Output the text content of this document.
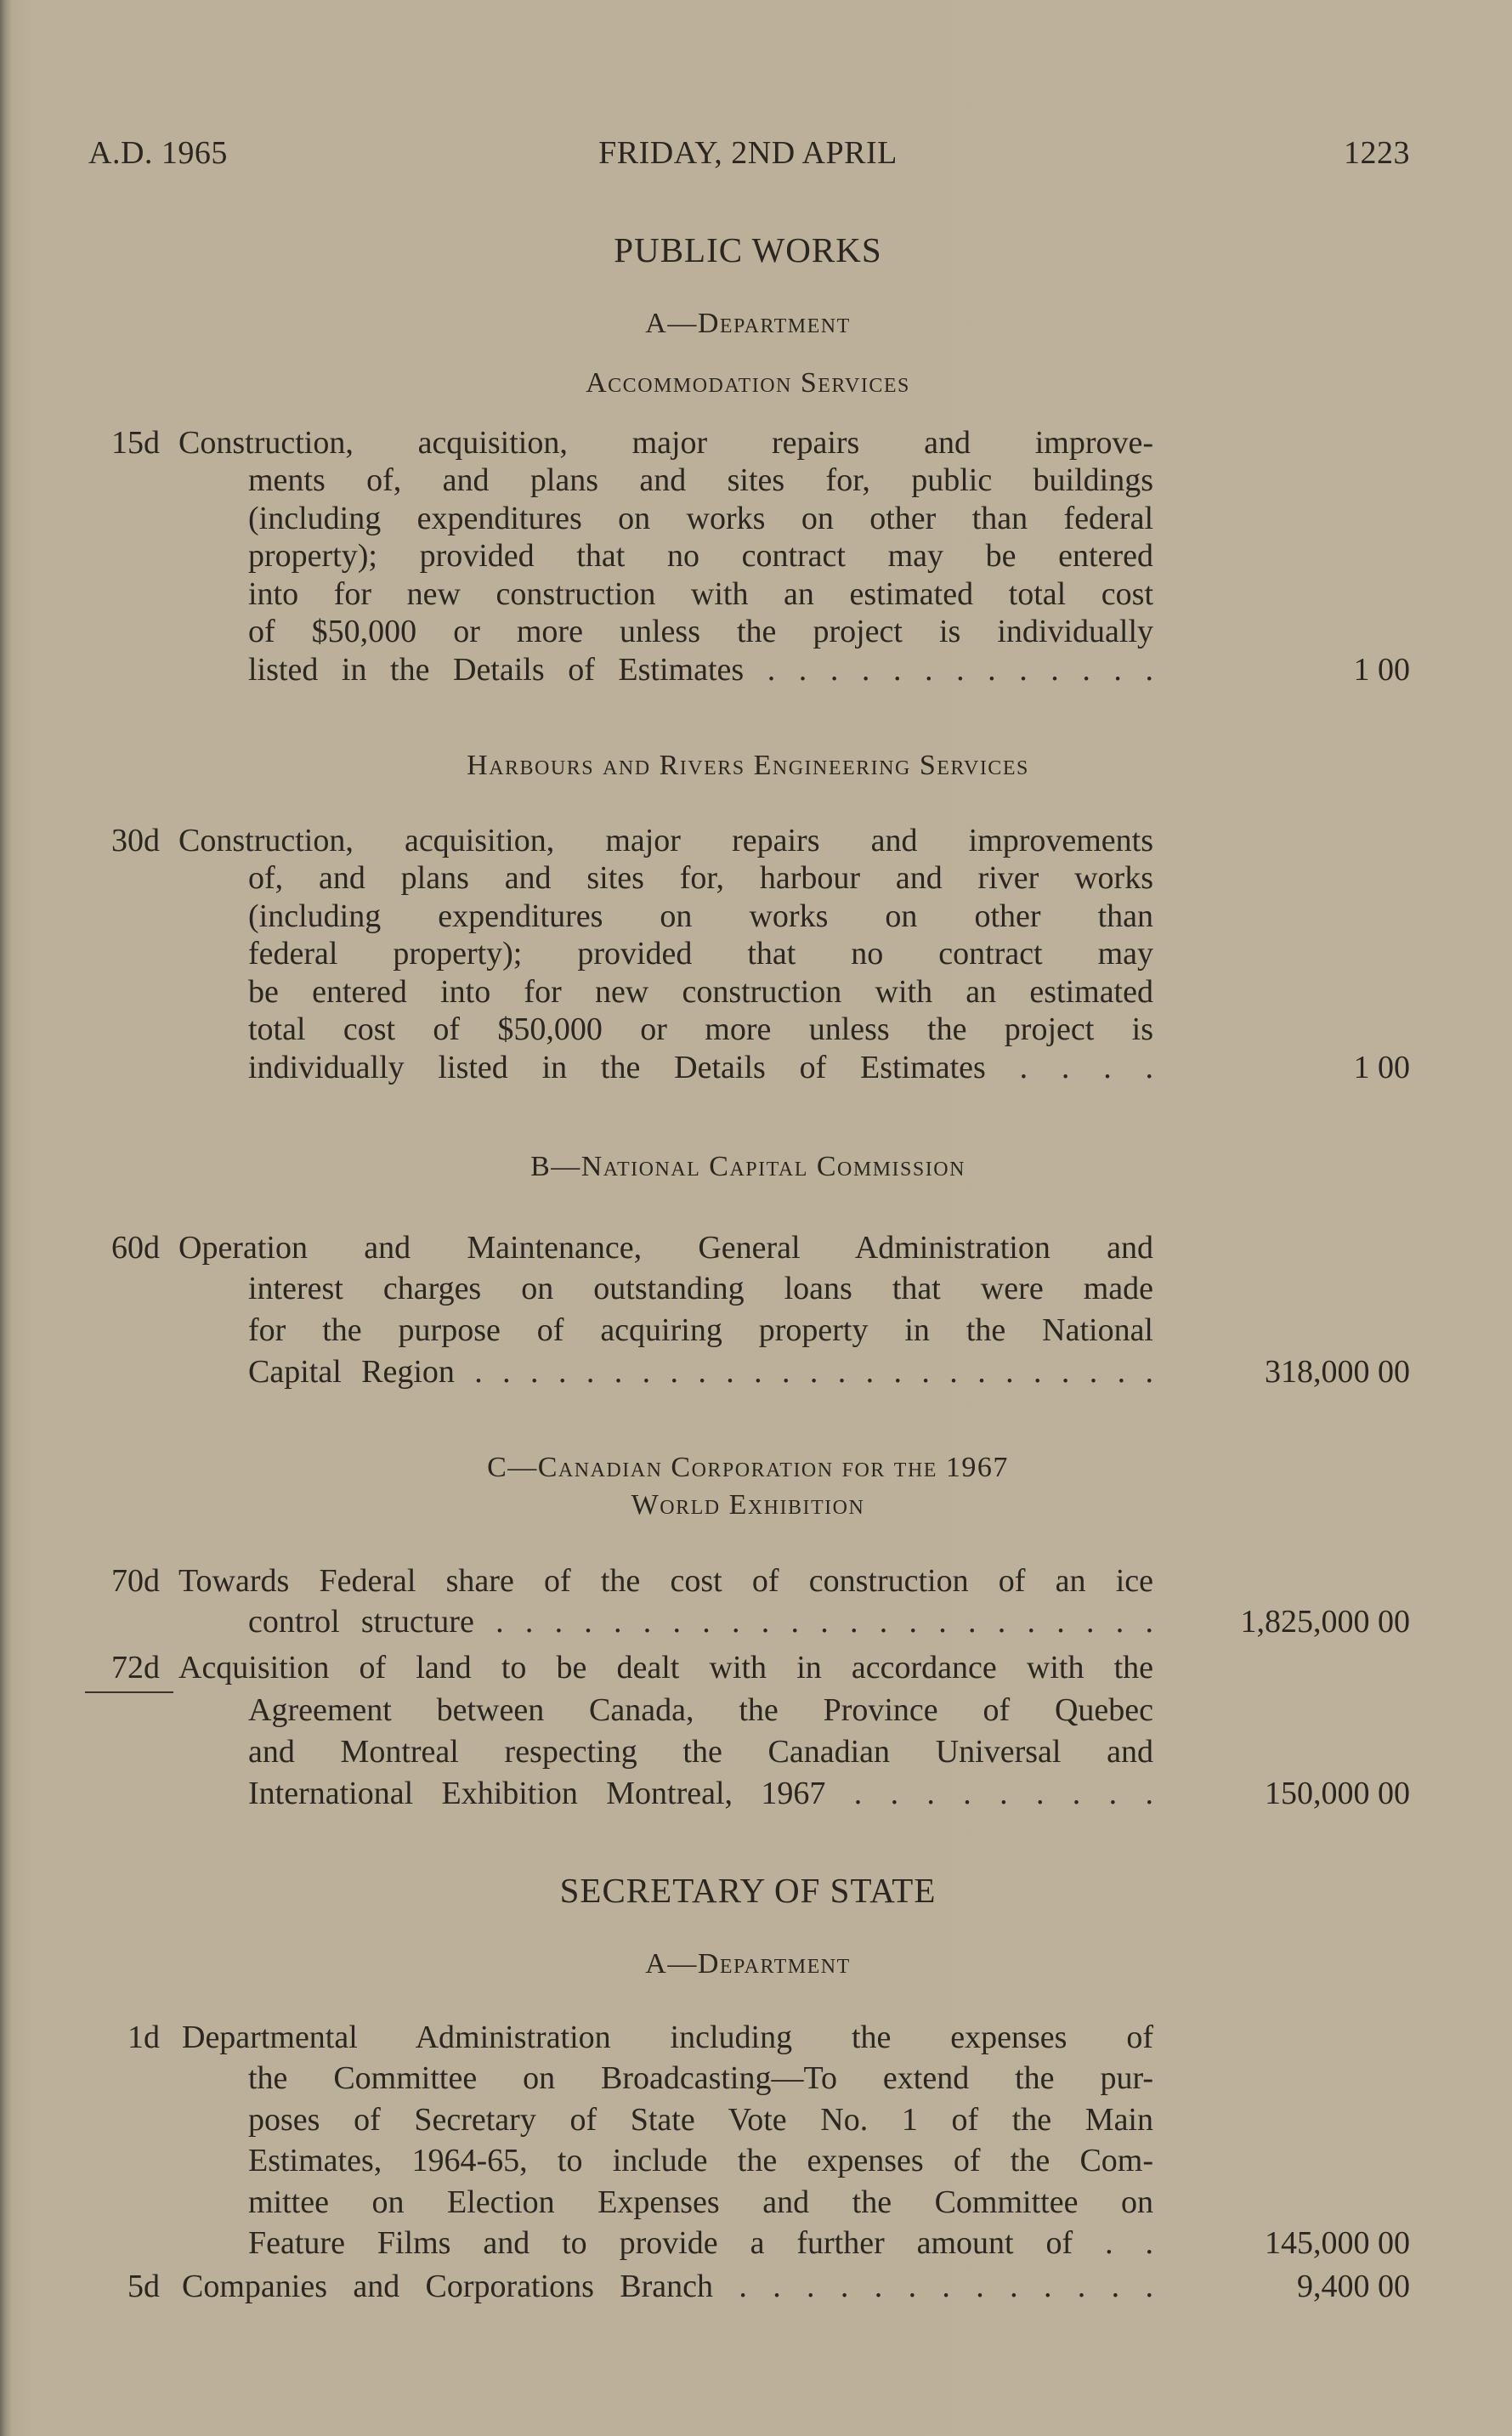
A.D. 1965	FRIDAY, 2ND APRIL	1223
PUBLIC WORKS
A—Department
Accommodation Services
15d Construction, acquisition, major repairs and improve-
ments of, and plans and sites for, public buildings
(including expenditures on works on other than federal
property); provided that no contract may be entered
into for new construction with an estimated total cost
of $50,000 or more unless the project is individually
listed in the Details of Estimates . . . . . . . . . . . . .	1 00
Harbours and Rivers Engineering Services
30d Construction, acquisition, major repairs and improvements
of, and plans and sites for, harbour and river works
(including expenditures on works on other than
federal property); provided that no contract may
be entered into for new construction with an estimated
total cost of $50,000 or more unless the project is
individually listed in the Details of Estimates . . . .	1 00
B—National Capital Commission
60d Operation and Maintenance, General Administration and
interest charges on outstanding loans that were made
for the purpose of acquiring property in the National
Capital Region . . . . . . . . . . . . . . . . . . . . . . . . .	318,000 00
C—Canadian Corporation for the 1967
World Exhibition
70d Towards Federal share of the cost of construction of an ice
control structure . . . . . . . . . . . . . . . . . . . . . . .	1,825,000 00
72d Acquisition of land to be dealt with in accordance with the
Agreement between Canada, the Province of Quebec
and Montreal respecting the Canadian Universal and
International Exhibition Montreal, 1967 . . . . . . . . .	150,000 00
SECRETARY OF STATE
A—Department
1d Departmental Administration including the expenses of
the Committee on Broadcasting—To extend the pur-
poses of Secretary of State Vote No. 1 of the Main
Estimates, 1964-65, to include the expenses of the Com-
mittee on Election Expenses and the Committee on
Feature Films and to provide a further amount of . .	145,000 00
5d Companies and Corporations Branch . . . . . . . . . . . . .	9,400 00
